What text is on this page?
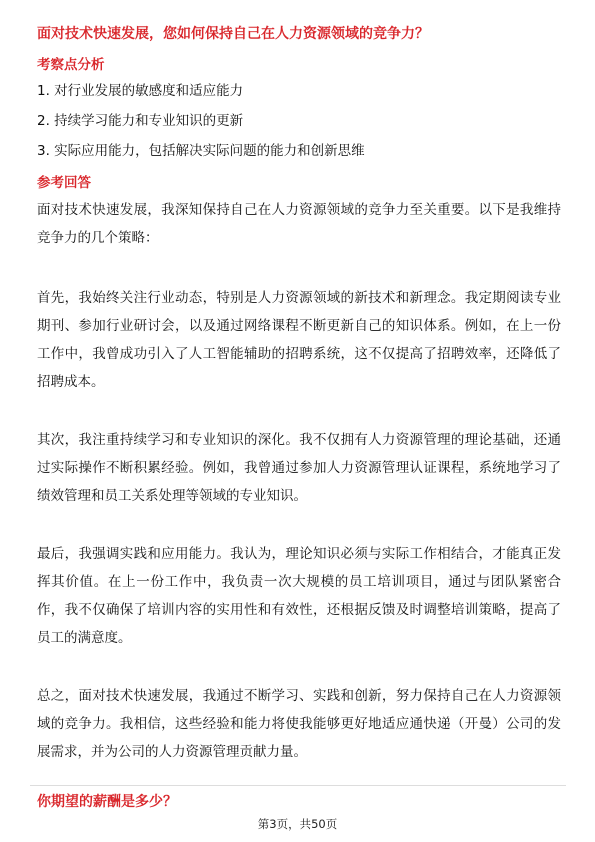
面对技术快速发展，您如何保持自己在人力资源领域的竞争力？
考察点分析
1. 对行业发展的敏感度和适应能力
2. 持续学习能力和专业知识的更新
3. 实际应用能力，包括解决实际问题的能力和创新思维
参考回答

面对技术快速发展，我深知保持自己在人力资源领域的竞争力至关重要。以下是我维持竞争力的几个策略：

首先，我始终关注行业动态，特别是人力资源领域的新技术和新理念。我定期阅读专业期刊、参加行业研讨会，以及通过网络课程不断更新自己的知识体系。例如，在上一份工作中，我曾成功引入了人工智能辅助的招聘系统，这不仅提高了招聘效率，还降低了招聘成本。

其次，我注重持续学习和专业知识的深化。我不仅拥有人力资源管理的理论基础，还通过实际操作不断积累经验。例如，我曾通过参加人力资源管理认证课程，系统地学习了绩效管理和员工关系处理等领域的专业知识。

最后，我强调实践和应用能力。我认为，理论知识必须与实际工作相结合，才能真正发挥其价值。在上一份工作中，我负责一次大规模的员工培训项目，通过与团队紧密合作，我不仅确保了培训内容的实用性和有效性，还根据反馈及时调整培训策略，提高了员工的满意度。

总之，面对技术快速发展，我通过不断学习、实践和创新，努力保持自己在人力资源领域的竞争力。我相信，这些经验和能力将使我能够更好地适应通快递（开曼）公司的发展需求，并为公司的人力资源管理贡献力量。

你期望的薪酬是多少？
第3页，共50页
